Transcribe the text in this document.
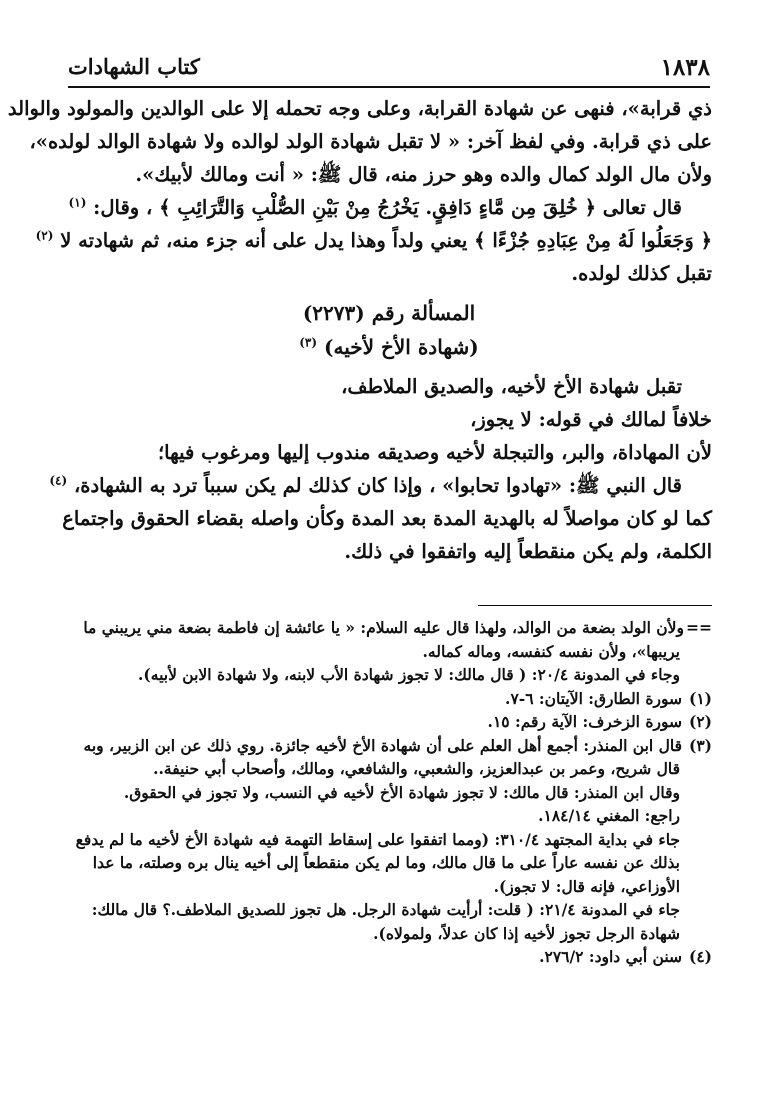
كتاب الشهادات	١٨٣٨
ذي قرابة»، فنهى عن شهادة القرابة، وعلى وجه تحمله إلا على الوالدين والمولود والوالد
على ذي قرابة. وفي لفظ آخر: « لا تقبل شهادة الولد لوالده ولا شهادة الوالد لولده»،
ولأن مال الولد كمال والده وهو حرز منه، قال ﷺ: « أنت ومالك لأبيك».
قال تعالى ﴿ خُلِقَ مِن مَّاءٍ دَافِقٍ. يَخْرُجُ مِنْ بَيْنِ الصُّلْبِ وَالتَّرَائِبِ ﴾ ، وقال: $^{(١)}$
﴿ وَجَعَلُوا لَهُ مِنْ عِبَادِهِ جُزْءًا ﴾ يعني ولداً وهذا يدل على أنه جزء منه، ثم شهادته لا $^{(٢)}$
تقبل كذلك لولده.
المسألة رقم (٢٢٧٣)
(شهادة الأخ لأخيه) $^{(٣)}$
تقبل شهادة الأخ لأخيه، والصديق الملاطف،
خلافاً لمالك في قوله: لا يجوز،
لأن المهاداة، والبر، والتبجلة لأخيه وصديقه مندوب إليها ومرغوب فيها؛
قال النبي ﷺ: «تهادوا تحابوا» ، وإذا كان كذلك لم يكن سبباً ترد به الشهادة، $^{(٤)}$
كما لو كان مواصلاً له بالهدية المدة بعد المدة وكأن واصله بقضاء الحقوق واجتماع
الكلمة، ولم يكن منقطعاً إليه واتفقوا في ذلك.
==ولأن الولد بضعة من الوالد، ولهذا قال عليه السلام: « يا عائشة إن فاطمة بضعة مني يريبني ما
يريبها»، ولأن نفسه كنفسه، وماله كماله.
وجاء في المدونة ٢٠/٤: ( قال مالك: لا تجوز شهادة الأب لابنه، ولا شهادة الابن لأبيه).
(١)سورة الطارق: الآيتان: ٦-٧.
(٢)سورة الزخرف: الآية رقم: ١٥.
(٣)قال ابن المنذر: أجمع أهل العلم على أن شهادة الأخ لأخيه جائزة. روي ذلك عن ابن الزبير، وبه
قال شريح، وعمر بن عبدالعزيز، والشعبي، والشافعي، ومالك، وأصحاب أبي حنيفة..
وقال ابن المنذر: قال مالك: لا تجوز شهادة الأخ لأخيه في النسب، ولا تجوز في الحقوق.
راجع: المغني ١٨٤/١٤.
جاء في بداية المجتهد ٣١٠/٤: (ومما اتفقوا على إسقاط التهمة فيه شهادة الأخ لأخيه ما لم يدفع
بذلك عن نفسه عاراً على ما قال مالك، وما لم يكن منقطعاً إلى أخيه ينال بره وصلته، ما عدا
الأوزاعي، فإنه قال: لا تجوز).
جاء في المدونة ٢١/٤: ( قلت: أرأيت شهادة الرجل. هل تجوز للصديق الملاطف.؟ قال مالك:
شهادة الرجل تجوز لأخيه إذا كان عدلاً، ولمولاه).
(٤)سنن أبي داود: ٢٧٦/٢.
